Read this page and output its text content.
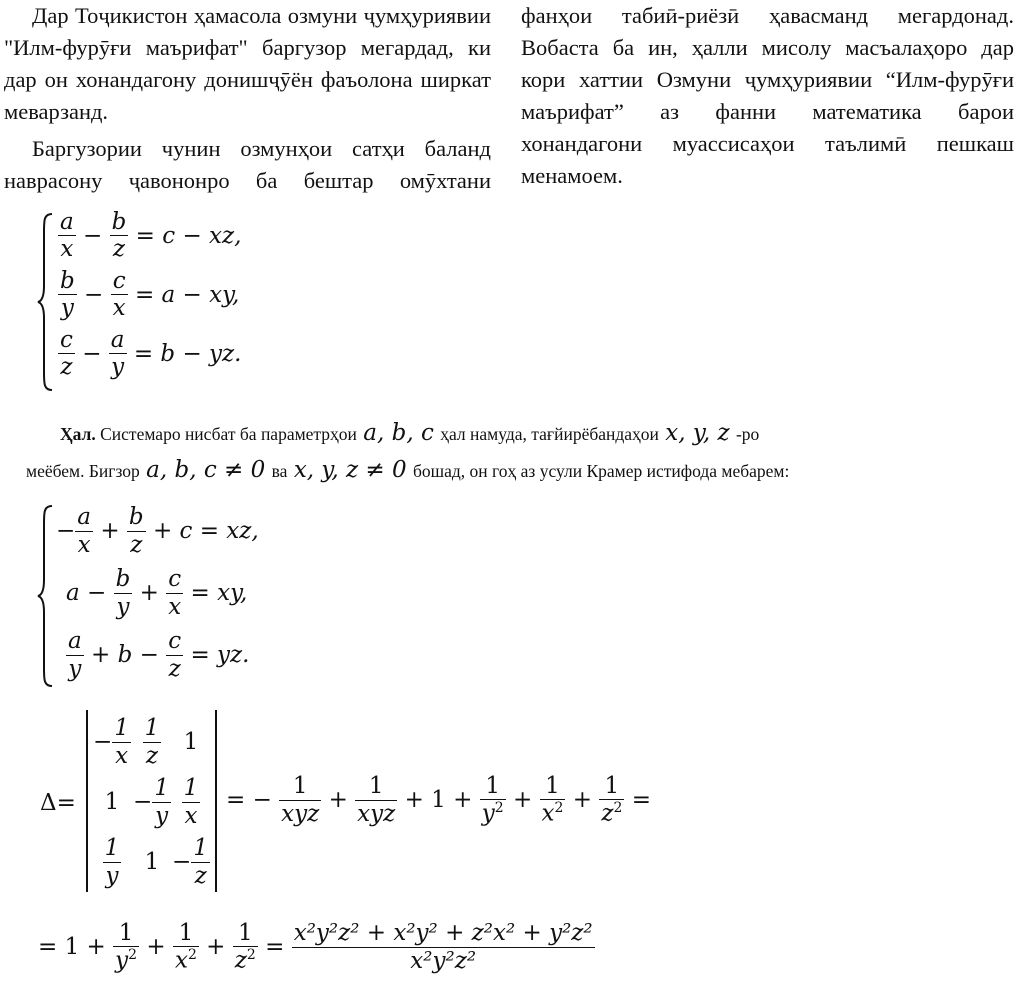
Дар Тоҷикистон ҳамасола озмуни ҷумҳуриявии "Илм-фурӯғи маърифат" баргузор мегардад, ки дар он хонандагону донишҷӯён фаъолона ширкат меварзанд.

Баргузории чунин озмунҳои сатҳи баланд наврасону ҷавононро ба бештар омӯхтани

фанҳои табиӣ-риёзӣ ҳавасманд мегардонад. Вобаста ба ин, ҳалли мисолу масъалаҳоро дар кори хаттии Озмуни ҷумҳуриявии “Илм-фурӯғи маърифат” аз фанни математика барои хонандагони муассисаҳои таълимӣ пешкаш менамоем.

$\frac{a}{x} - \frac{b}{z}$
= c − xz,
$\frac{b}{y} - \frac{c}{x}$
= a − xy,
$\frac{c}{z} - \frac{a}{y}$
= b − yz.
Ҳал. Системаро нисбат ба параметрҳои a, b, c ҳал намуда, тағйирёбандаҳои x, y, z -ро
меёбем. Бигзор a, b, c ≠ 0 ва x, y, z ≠ 0 бошад, он гоҳ аз усули Крамер истифода мебарем:
− $\frac{a}{x}$
+
$\frac{b}{z}$
+ c = xz,
a −
$\frac{b}{y}$
+
$\frac{c}{x}$
= xy,
$\frac{a}{y}$
+ b −
$\frac{c}{z}$
= yz.
Δ=
− $\frac{1}{x} \frac{1}{z} 1$
$1 - \frac{1}{y} \frac{1}{x}$
$\frac{1}{y} 1 - \frac{1}{z}$
= −
$\frac{1}{\text{xyz}}$
+
$\frac{1}{\text{xyz}}$
+ 1 +
$\frac{1}{y^2}$
+
$\frac{1}{x^2}$
+
$\frac{1}{z^2}$
=
= 1 +
$\frac{1}{y^2}$
+
$\frac{1}{x^2}$
+
$\frac{1}{z^2}$
=
$\frac{\text{x²y²z² + x²y² + z²x² + y²z²}}{\text{x²y²z²}}$
